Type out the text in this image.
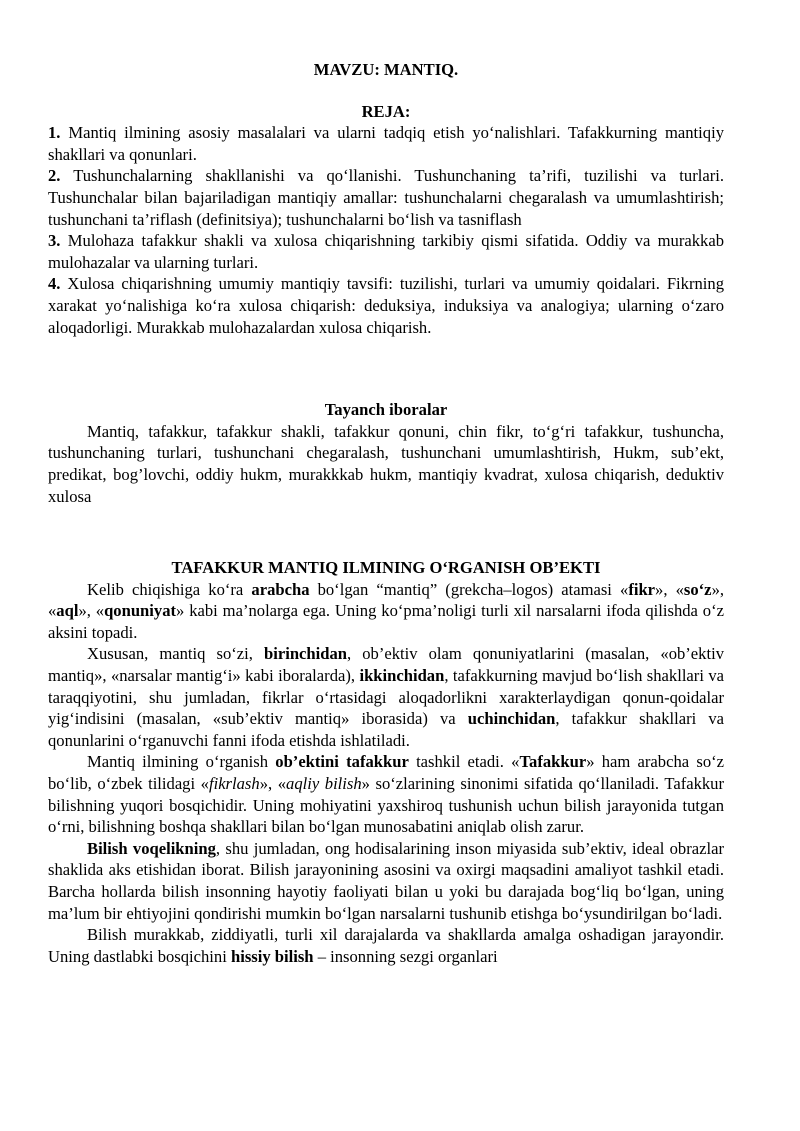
MAVZU: MANTIQ.

REJA:

1. Mantiq ilmining asosiy masalalari va ularni tadqiq etish yo‘nalishlari. Tafakkurning mantiqiy shakllari va qonunlari.

2. Tushunchalarning shakllanishi va qo‘llanishi. Tushunchaning ta’rifi, tuzilishi va turlari. Tushunchalar bilan bajariladigan mantiqiy amallar: tushunchalarni chegaralash va umumlashtirish; tushunchani ta’riflash (definitsiya); tushunchalarni bo‘lish va tasniflash

3. Mulohaza tafakkur shakli va xulosa chiqarishning tarkibiy qismi sifatida. Oddiy va murakkab mulohazalar va ularning turlari.

4. Xulosa chiqarishning umumiy mantiqiy tavsifi: tuzilishi, turlari va umumiy qoidalari. Fikrning xarakat yo‘nalishiga ko‘ra xulosa chiqarish: deduksiya, induksiya va analogiya; ularning o‘zaro aloqadorligi. Murakkab mulohazalardan xulosa chiqarish.

Tayanch iboralar

Mantiq, tafakkur, tafakkur shakli, tafakkur qonuni, chin fikr, to‘g‘ri tafakkur, tushuncha, tushunchaning turlari, tushunchani chegaralash, tushunchani umumlashtirish, Hukm, sub’ekt, predikat, bog’lovchi, oddiy hukm, murakkkab hukm, mantiqiy kvadrat, xulosa chiqarish, deduktiv xulosa

TAFAKKUR MANTIQ ILMINING O‘RGANISH OB’EKTI

Kelib chiqishiga ko‘ra arabcha bo‘lgan “mantiq” (grekcha–logos) atamasi «fikr», «so‘z», «aql», «qonuniyat» kabi ma’nolarga ega. Uning ko‘pma’noligi turli xil narsalarni ifoda qilishda o‘z aksini topadi.

Xususan, mantiq so‘zi, birinchidan, ob’ektiv olam qonuniyatlarini (masalan, «ob’ektiv mantiq», «narsalar mantig‘i» kabi iboralarda), ikkinchidan, tafakkurning mavjud bo‘lish shakllari va taraqqiyotini, shu jumladan, fikrlar o‘rtasidagi aloqadorlikni xarakterlaydigan qonun-qoidalar yig‘indisini (masalan, «sub’ektiv mantiq» iborasida) va uchinchidan, tafakkur shakllari va qonunlarini o‘rganuvchi fanni ifoda etishda ishlatiladi.

Mantiq ilmining o‘rganish ob’ektini tafakkur tashkil etadi. «Tafakkur» ham arabcha so‘z bo‘lib, o‘zbek tilidagi «fikrlash», «aqliy bilish» so‘zlarining sinonimi sifatida qo‘llaniladi. Tafakkur bilishning yuqori bosqichidir. Uning mohiyatini yaxshiroq tushunish uchun bilish jarayonida tutgan o‘rni, bilishning boshqa shakllari bilan bo‘lgan munosabatini aniqlab olish zarur.

Bilish voqelikning, shu jumladan, ong hodisalarining inson miyasida sub’ektiv, ideal obrazlar shaklida aks etishidan iborat. Bilish jarayonining asosini va oxirgi maqsadini amaliyot tashkil etadi. Barcha hollarda bilish insonning hayotiy faoliyati bilan u yoki bu darajada bog‘liq bo‘lgan, uning ma’lum bir ehtiyojini qondirishi mumkin bo‘lgan narsalarni tushunib etishga bo‘ysundirilgan bo‘ladi.

Bilish murakkab, ziddiyatli, turli xil darajalarda va shakllarda amalga oshadigan jarayondir. Uning dastlabki bosqichini hissiy bilish – insonning sezgi organlari
